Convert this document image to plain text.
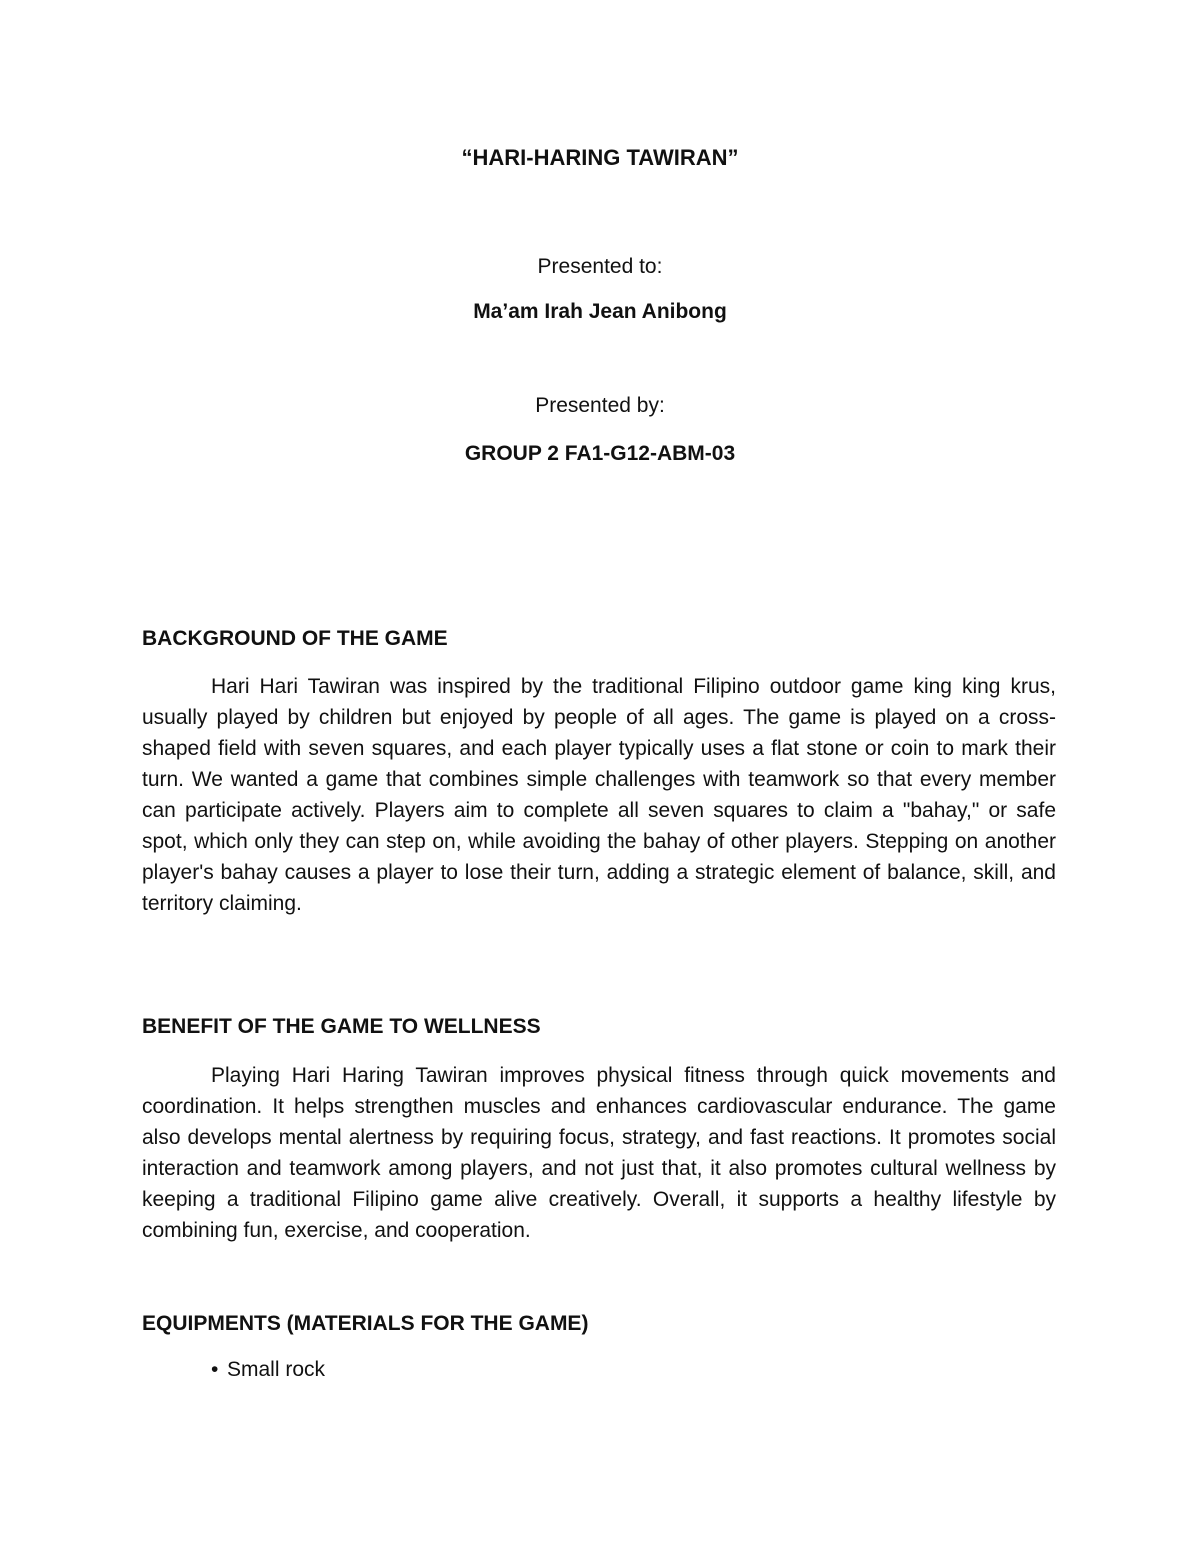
“HARI-HARING TAWIRAN”

Presented to:

Ma’am Irah Jean Anibong

Presented by:

GROUP 2 FA1-G12-ABM-03

BACKGROUND OF THE GAME

Hari Hari Tawiran was inspired by the traditional Filipino outdoor game king king krus, usually played by children but enjoyed by people of all ages. The game is played on a cross-shaped field with seven squares, and each player typically uses a flat stone or coin to mark their turn. We wanted a game that combines simple challenges with teamwork so that every member can participate actively. Players aim to complete all seven squares to claim a "bahay," or safe spot, which only they can step on, while avoiding the bahay of other players. Stepping on another player's bahay causes a player to lose their turn, adding a strategic element of balance, skill, and territory claiming.

BENEFIT OF THE GAME TO WELLNESS

Playing Hari Haring Tawiran improves physical fitness through quick movements and coordination. It helps strengthen muscles and enhances cardiovascular endurance. The game also develops mental alertness by requiring focus, strategy, and fast reactions. It promotes social interaction and teamwork among players, and not just that, it also promotes cultural wellness by keeping a traditional Filipino game alive creatively. Overall, it supports a healthy lifestyle by combining fun, exercise, and cooperation.

EQUIPMENTS (MATERIALS FOR THE GAME)
• Small rock
